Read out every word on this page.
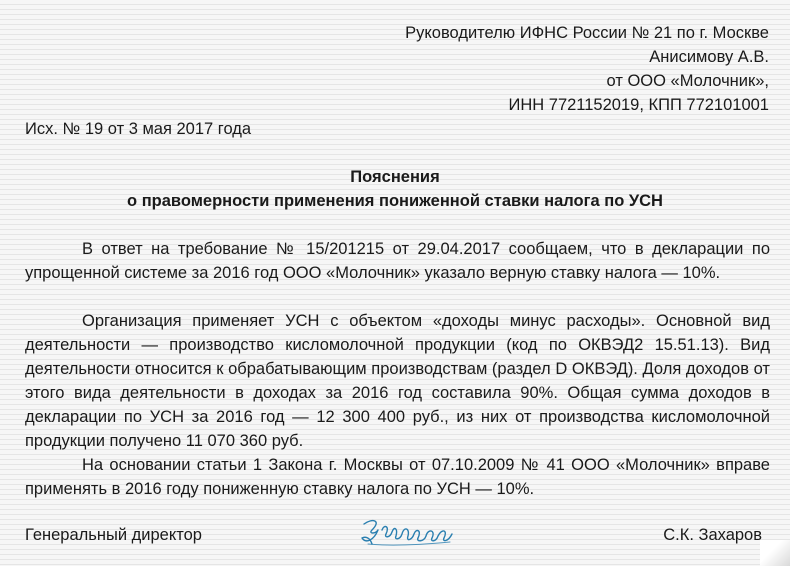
Руководителю ИФНС России № 21 по г. Москве
Анисимову А.В.
от ООО «Молочник»,
ИНН 7721152019, КПП 772101001
Исх. № 19 от 3 мая 2017 года
Пояснения
о правомерности применения пониженной ставки налога по УСН
В ответ на требование № 15/201215 от 29.04.2017 сообщаем, что в декларации по упрощенной системе за 2016 год ООО «Молочник» указало верную ставку налога — 10%.
Организация применяет УСН с объектом «доходы минус расходы». Основной вид деятельности — производство кисломолочной продукции (код по ОКВЭД2 15.51.13). Вид деятельности относится к обрабатывающим производствам (раздел D ОКВЭД). Доля доходов от этого вида деятельности в доходах за 2016 год составила 90%. Общая сумма доходов в декларации по УСН за 2016 год — 12 300 400 руб., из них от производства кисломолочной продукции получено 11 070 360 руб.
На основании статьи 1 Закона г. Москвы от 07.10.2009 № 41 ООО «Молочник» вправе применять в 2016 году пониженную ставку налога по УСН — 10%.
Генеральный директор	С.К. Захаров
